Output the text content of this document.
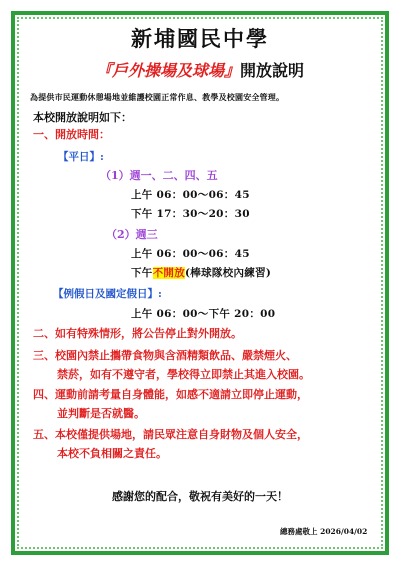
新埔國民中學
『戶外操場及球場』開放說明
為提供市民運動休憩場地並維護校園正常作息、教學及校園安全管理。
本校開放說明如下：
一、開放時間：
【平日】:
（1）週一、二、四、五
上午 06：00～06：45
下午 17：30～20：30
（2）週三
上午 06：00～06：45
下午不開放(棒球隊校內練習)
【例假日及國定假日】:
上午 06：00～下午 20：00
二、如有特殊情形，將公告停止對外開放。
三、校園內禁止攜帶食物與含酒精類飲品、嚴禁煙火、
禁菸，如有不遵守者，學校得立即禁止其進入校園。
四、運動前請考量自身體能，如感不適請立即停止運動，
並判斷是否就醫。
五、本校僅提供場地，請民眾注意自身財物及個人安全，
本校不負相關之責任。
感謝您的配合，敬祝有美好的一天！
總務處敬上 2026/04/02
